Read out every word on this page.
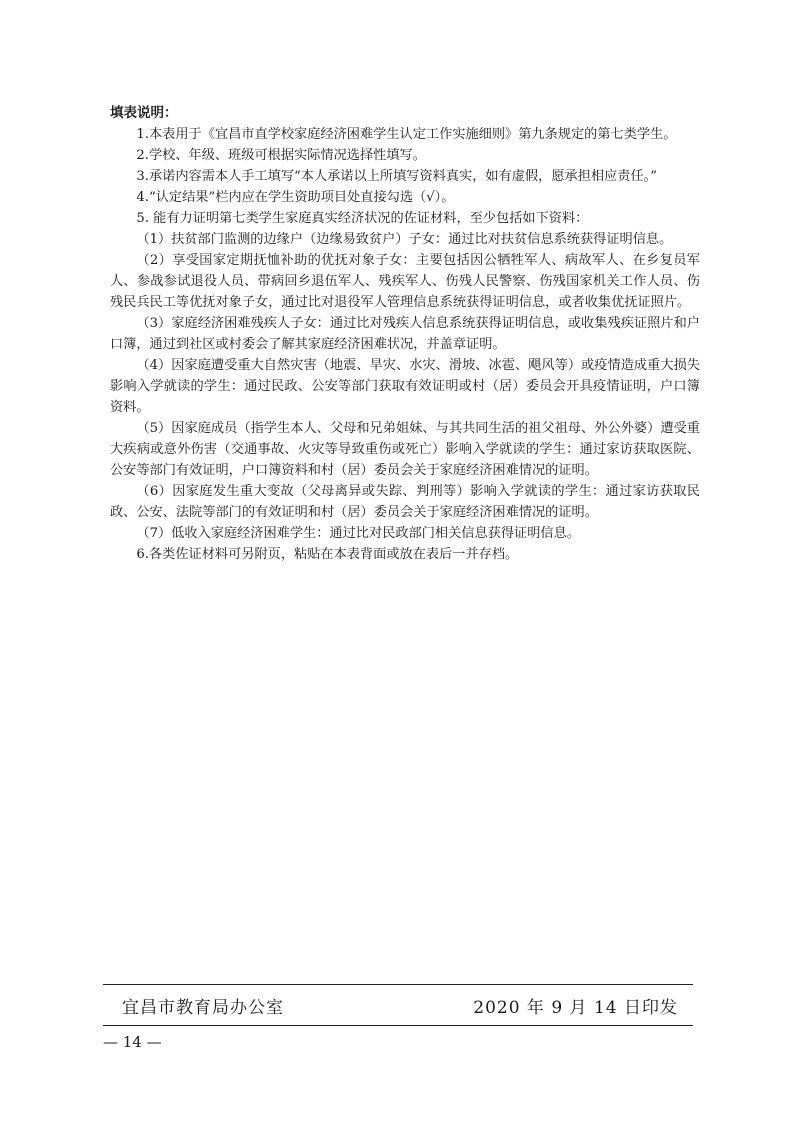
填表说明：

1.本表用于《宜昌市直学校家庭经济困难学生认定工作实施细则》第九条规定的第七类学生。

2.学校、年级、班级可根据实际情况选择性填写。

3.承诺内容需本人手工填写“本人承诺以上所填写资料真实，如有虚假，愿承担相应责任。”

4.“认定结果”栏内应在学生资助项目处直接勾选（√）。

5. 能有力证明第七类学生家庭真实经济状况的佐证材料，至少包括如下资料：

（1）扶贫部门监测的边缘户（边缘易致贫户）子女：通过比对扶贫信息系统获得证明信息。

（2）享受国家定期抚恤补助的优抚对象子女：主要包括因公牺牲军人、病故军人、在乡复员军人、参战参试退役人员、带病回乡退伍军人、残疾军人、伤残人民警察、伤残国家机关工作人员、伤残民兵民工等优抚对象子女，通过比对退役军人管理信息系统获得证明信息，或者收集优抚证照片。

（3）家庭经济困难残疾人子女：通过比对残疾人信息系统获得证明信息，或收集残疾证照片和户口簿，通过到社区或村委会了解其家庭经济困难状况，并盖章证明。

（4）因家庭遭受重大自然灾害（地震、旱灾、水灾、滑坡、冰雹、飓风等）或疫情造成重大损失影响入学就读的学生：通过民政、公安等部门获取有效证明或村（居）委员会开具疫情证明，户口簿资料。

（5）因家庭成员（指学生本人、父母和兄弟姐妹、与其共同生活的祖父祖母、外公外婆）遭受重大疾病或意外伤害（交通事故、火灾等导致重伤或死亡）影响入学就读的学生：通过家访获取医院、公安等部门有效证明，户口簿资料和村（居）委员会关于家庭经济困难情况的证明。

（6）因家庭发生重大变故（父母离异或失踪、判刑等）影响入学就读的学生：通过家访获取民政、公安、法院等部门的有效证明和村（居）委员会关于家庭经济困难情况的证明。

（7）低收入家庭经济困难学生：通过比对民政部门相关信息获得证明信息。

6.各类佐证材料可另附页，粘贴在本表背面或放在表后一并存档。

宜昌市教育局办公室	2020 年 9 月 14 日印发
— 14 —
